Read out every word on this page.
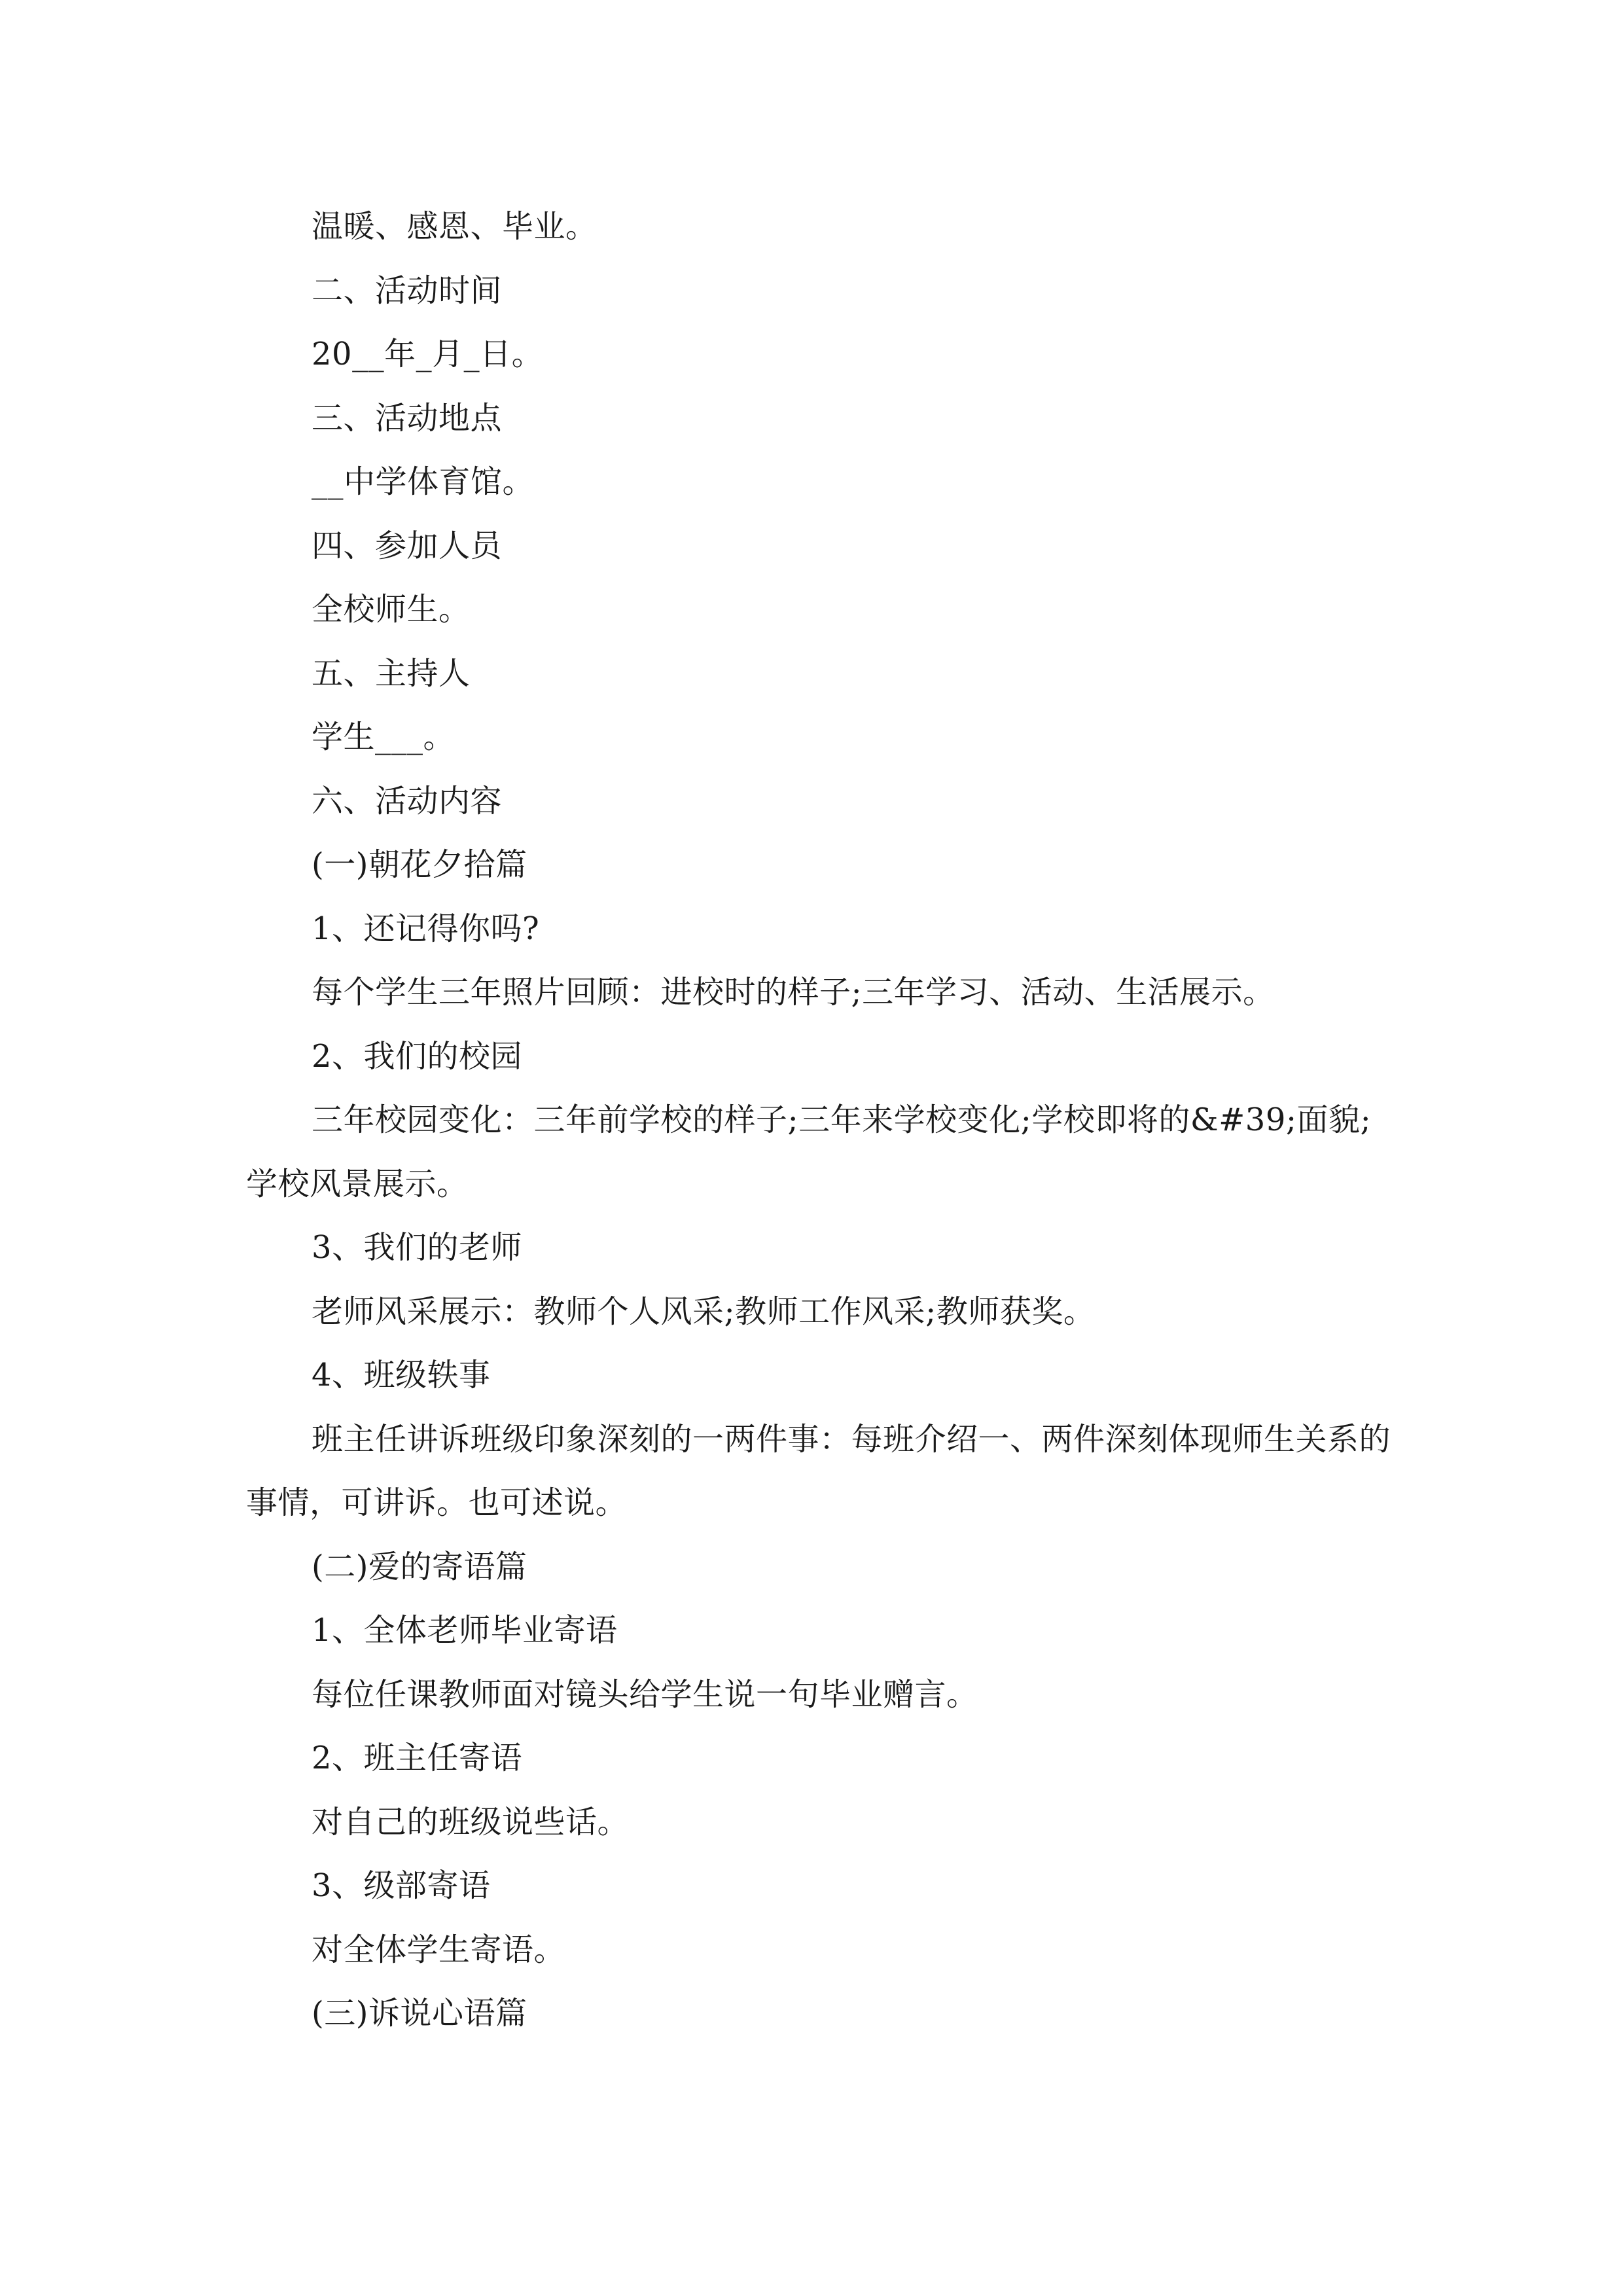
温暖、感恩、毕业。

二、活动时间

20__年_月_日。

三、活动地点

__中学体育馆。

四、参加人员

全校师生。

五、主持人

学生___。

六、活动内容

(一)朝花夕拾篇

1、还记得你吗?

每个学生三年照片回顾：进校时的样子;三年学习、活动、生活展示。

2、我们的校园

三年校园变化：三年前学校的样子;三年来学校变化;学校即将的&#39;面貌;学校风景展示。

3、我们的老师

老师风采展示：教师个人风采;教师工作风采;教师获奖。

4、班级轶事

班主任讲诉班级印象深刻的一两件事：每班介绍一、两件深刻体现师生关系的事情，可讲诉。也可述说。

(二)爱的寄语篇

1、全体老师毕业寄语

每位任课教师面对镜头给学生说一句毕业赠言。

2、班主任寄语

对自己的班级说些话。

3、级部寄语

对全体学生寄语。

(三)诉说心语篇
